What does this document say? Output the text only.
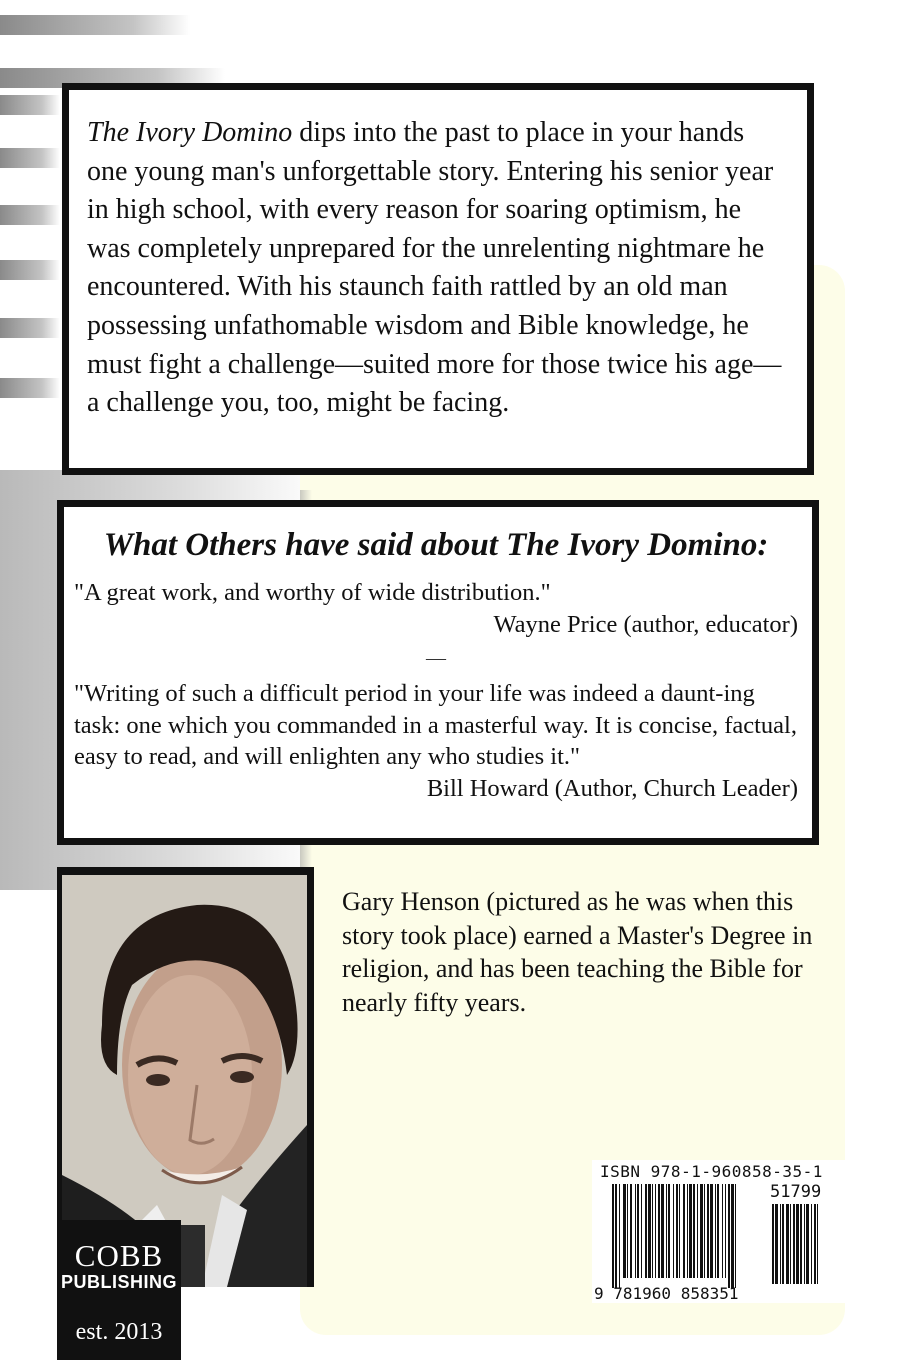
The Ivory Domino dips into the past to place in your hands one young man's unforgettable story. Entering his senior year in high school, with every reason for soaring optimism, he was completely unprepared for the unrelenting nightmare he encountered. With his staunch faith rattled by an old man possessing unfathomable wisdom and Bible knowledge, he must fight a challenge—suited more for those twice his age—a challenge you, too, might be facing.

What Others have said about The Ivory Domino:

"A great work, and worthy of wide distribution."

Wayne Price (author, educator)

—

"Writing of such a difficult period in your life was indeed a daunt-ing task: one which you commanded in a masterful way. It is concise, factual, easy to read, and will enlighten any who studies it."

Bill Howard (Author, Church Leader)

COBB
PUBLISHING
est. 2013

Gary Henson (pictured as he was when this story took place) earned a Master's Degree in religion, and has been teaching the Bible for nearly fifty years.

ISBN 978-1-960858-35-1
51799
9 781960 858351
